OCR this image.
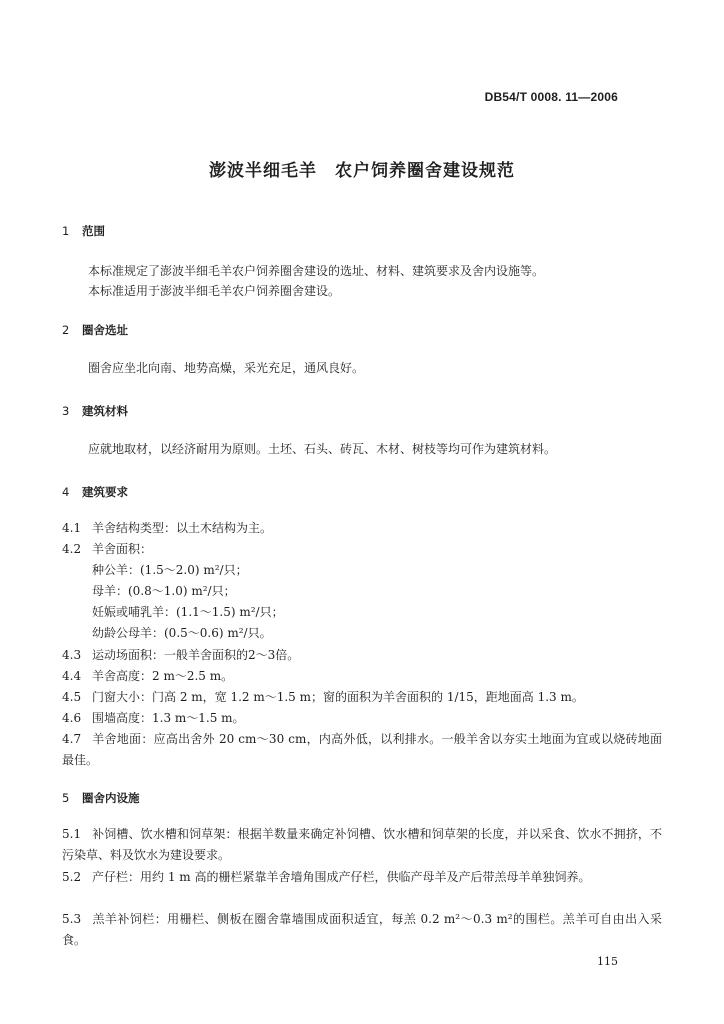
DB54/T 0008. 11—2006
澎波半细毛羊　农户饲养圈舍建设规范
1 范围
本标准规定了澎波半细毛羊农户饲养圈舍建设的选址、材料、建筑要求及舍内设施等。
本标准适用于澎波半细毛羊农户饲养圈舍建设。
2 圈舍选址
圈舍应坐北向南、地势高燥，采光充足，通风良好。
3 建筑材料
应就地取材，以经济耐用为原则。土坯、石头、砖瓦、木材、树枝等均可作为建筑材料。
4 建筑要求
4.1 羊舍结构类型：以土木结构为主。
4.2 羊舍面积：
种公羊：(1.5～2.0) m²/只；
母羊：(0.8～1.0) m²/只；
妊娠或哺乳羊：(1.1～1.5) m²/只；
幼龄公母羊：(0.5～0.6) m²/只。
4.3 运动场面积：一般羊舍面积的2～3倍。
4.4 羊舍高度：2 m～2.5 m。
4.5 门窗大小：门高 2 m，宽 1.2 m～1.5 m；窗的面积为羊舍面积的 1/15，距地面高 1.3 m。
4.6 围墙高度：1.3 m～1.5 m。
4.7 羊舍地面：应高出舍外 20 cm～30 cm，内高外低，以利排水。一般羊舍以夯实土地面为宜或以烧砖地面最佳。
5 圈舍内设施
5.1 补饲槽、饮水槽和饲草架：根据羊数量来确定补饲槽、饮水槽和饲草架的长度，并以采食、饮水不拥挤，不污染草、料及饮水为建设要求。
5.2 产仔栏：用约 1 m 高的栅栏紧靠羊舍墙角围成产仔栏，供临产母羊及产后带羔母羊单独饲养。
5.3 羔羊补饲栏：用栅栏、侧板在圈舍靠墙围成面积适宜，每羔 0.2 m²～0.3 m²的围栏。羔羊可自由出入采食。
115
